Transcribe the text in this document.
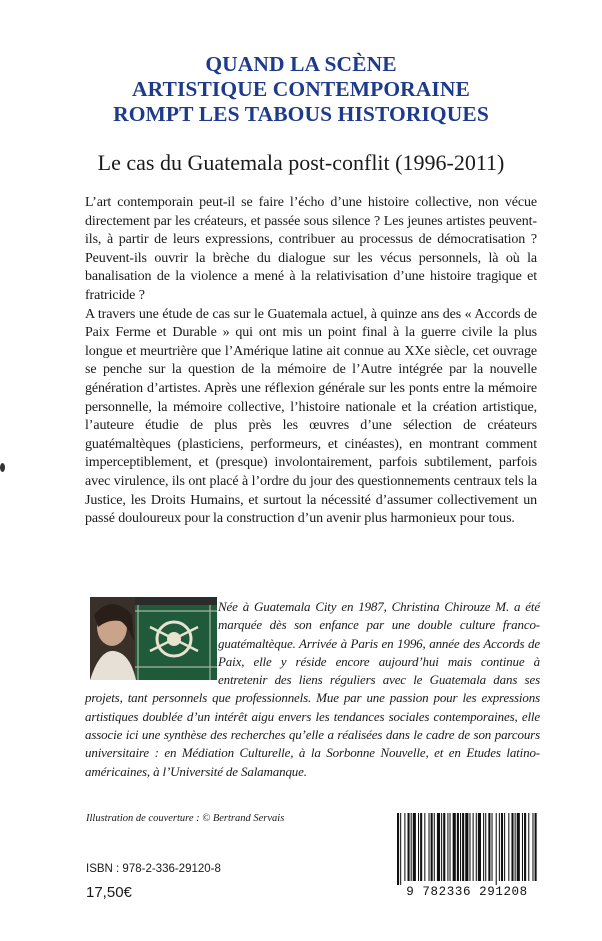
QUAND LA SCÈNE
ARTISTIQUE CONTEMPORAINE
ROMPT LES TABOUS HISTORIQUES
Le cas du Guatemala post-conflit (1996-2011)

L’art contemporain peut-il se faire l’écho d’une histoire collective, non vécue directement par les créateurs, et passée sous silence ? Les jeunes artistes peuvent-ils, à partir de leurs expressions, contribuer au processus de démocratisation ? Peuvent-ils ouvrir la brèche du dialogue sur les vécus personnels, là où la banalisation de la violence a mené à la relativisation d’une histoire tragique et fratricide ?

A travers une étude de cas sur le Guatemala actuel, à quinze ans des « Accords de Paix Ferme et Durable » qui ont mis un point final à la guerre civile la plus longue et meurtrière que l’Amérique latine ait connue au XXe siècle, cet ouvrage se penche sur la question de la mémoire de l’Autre intégrée par la nouvelle génération d’artistes. Après une réflexion générale sur les ponts entre la mémoire personnelle, la mémoire collective, l’histoire nationale et la création artistique, l’auteure étudie de plus près les œuvres d’une sélection de créateurs guatémaltèques (plasticiens, performeurs, et cinéastes), en montrant comment imperceptiblement, et (presque) involontairement, parfois subtilement, parfois avec virulence, ils ont placé à l’ordre du jour des questionnements centraux tels la Justice, les Droits Humains, et surtout la nécessité d’assumer collectivement un passé douloureux pour la construction d’un avenir plus harmonieux pour tous.

Née à Guatemala City en 1987, Christina Chirouze M. a été marquée dès son enfance par une double culture franco-guatémaltèque. Arrivée à Paris en 1996, année des Accords de Paix, elle y réside encore aujourd’hui mais continue à entretenir des liens réguliers avec le Guatemala dans ses projets, tant personnels que professionnels. Mue par une passion pour les expressions artistiques doublée d’un intérêt aigu envers les tendances sociales contemporaines, elle associe ici une synthèse des recherches qu’elle a réalisées dans le cadre de son parcours universitaire : en Médiation Culturelle, à la Sorbonne Nouvelle, et en Etudes latino-américaines, à l’Université de Salamanque.

Illustration de couverture : © Bertrand Servais
ISBN : 978-2-336-29120-8
17,50€	9 782336 291208
